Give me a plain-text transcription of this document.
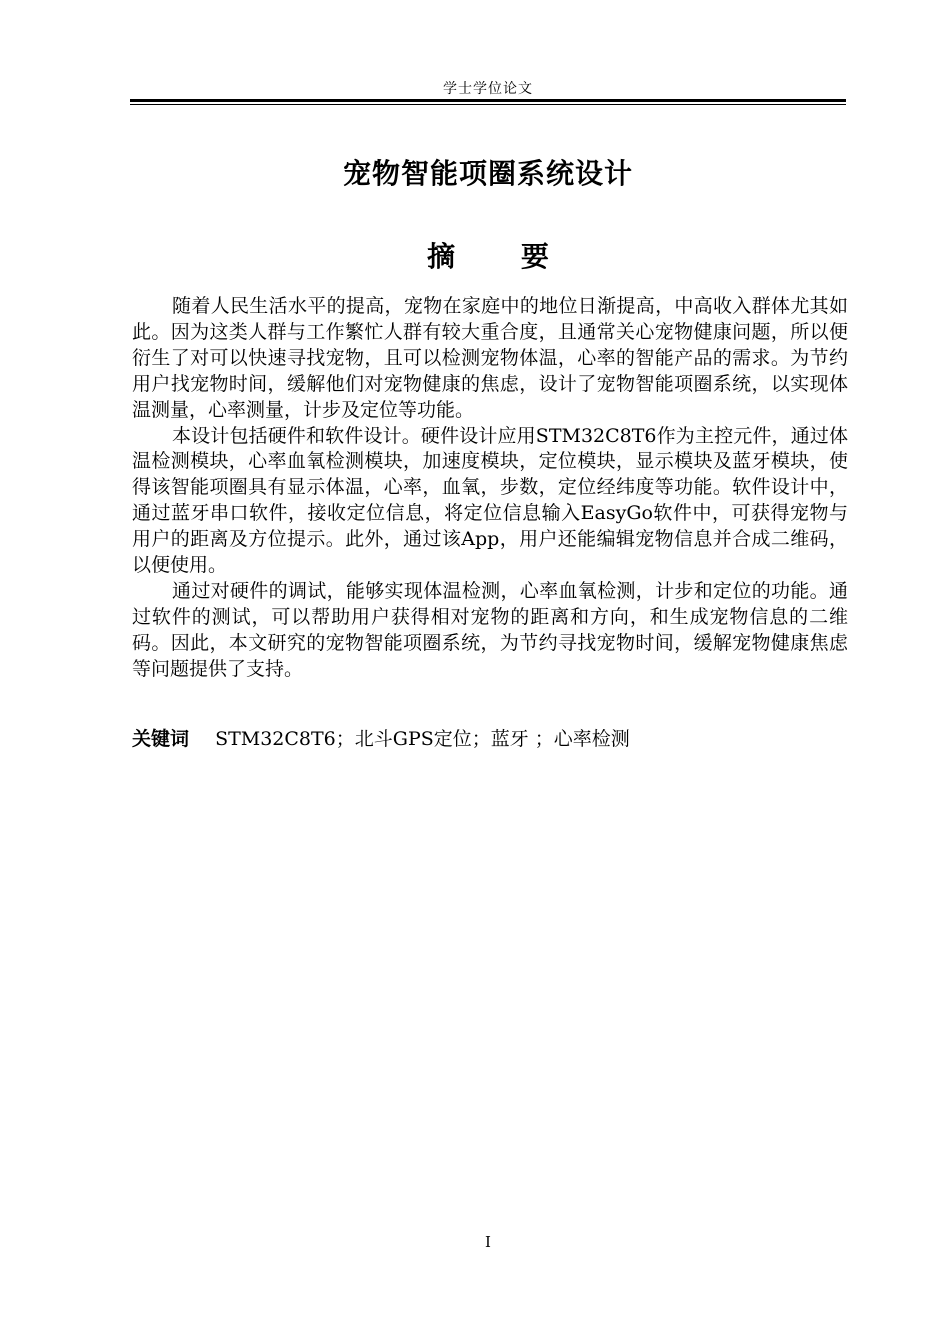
学士学位论文
宠物智能项圈系统设计
摘 要

随着人民生活水平的提高，宠物在家庭中的地位日渐提高，中高收入群体尤其如此。因为这类人群与工作繁忙人群有较大重合度，且通常关心宠物健康问题，所以便衍生了对可以快速寻找宠物，且可以检测宠物体温，心率的智能产品的需求。为节约用户找宠物时间，缓解他们对宠物健康的焦虑，设计了宠物智能项圈系统，以实现体温测量，心率测量，计步及定位等功能。

本设计包括硬件和软件设计。硬件设计应用STM32C8T6作为主控元件，通过体温检测模块，心率血氧检测模块，加速度模块，定位模块，显示模块及蓝牙模块，使得该智能项圈具有显示体温，心率，血氧，步数，定位经纬度等功能。软件设计中，通过蓝牙串口软件，接收定位信息，将定位信息输入EasyGo软件中，可获得宠物与用户的距离及方位提示。此外，通过该App，用户还能编辑宠物信息并合成二维码，以便使用。

通过对硬件的调试，能够实现体温检测，心率血氧检测，计步和定位的功能。通过软件的测试，可以帮助用户获得相对宠物的距离和方向，和生成宠物信息的二维码。因此，本文研究的宠物智能项圈系统，为节约寻找宠物时间，缓解宠物健康焦虑等问题提供了支持。

关键词 STM32C8T6；北斗GPS定位；蓝牙 ；心率检测
I
